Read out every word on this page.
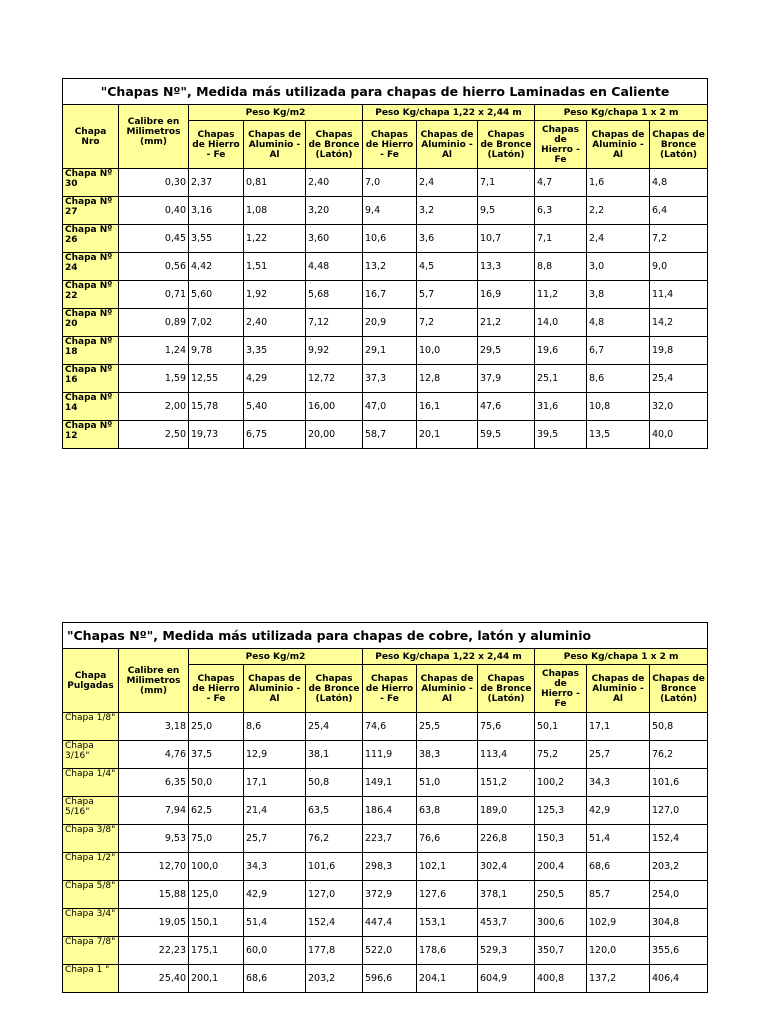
"Chapas Nº", Medida más utilizada para chapas de hierro Laminadas en Caliente										
Chapa Nro	Calibre en Milimetros (mm)	Peso Kg/m2			Peso Kg/chapa 1,22 x 2,44 m			Peso Kg/chapa 1 x 2 m		
		Chapas de Hierro - Fe	Chapas de Aluminio - Al	Chapas de Bronce (Latón)	Chapas de Hierro - Fe	Chapas de Aluminio - Al	Chapas de Bronce (Latón)	Chapas de Hierro - Fe	Chapas de Aluminio - Al	Chapas de Bronce (Latón)
Chapa Nº 30	0,30	2,37	0,81	2,40	7,0	2,4	7,1	4,7	1,6	4,8
Chapa Nº 27	0,40	3,16	1,08	3,20	9,4	3,2	9,5	6,3	2,2	6,4
Chapa Nº 26	0,45	3,55	1,22	3,60	10,6	3,6	10,7	7,1	2,4	7,2
Chapa Nº 24	0,56	4,42	1,51	4,48	13,2	4,5	13,3	8,8	3,0	9,0
Chapa Nº 22	0,71	5,60	1,92	5,68	16,7	5,7	16,9	11,2	3,8	11,4
Chapa Nº 20	0,89	7,02	2,40	7,12	20,9	7,2	21,2	14,0	4,8	14,2
Chapa Nº 18	1,24	9,78	3,35	9,92	29,1	10,0	29,5	19,6	6,7	19,8
Chapa Nº 16	1,59	12,55	4,29	12,72	37,3	12,8	37,9	25,1	8,6	25,4
Chapa Nº 14	2,00	15,78	5,40	16,00	47,0	16,1	47,6	31,6	10,8	32,0
Chapa Nº 12	2,50	19,73	6,75	20,00	58,7	20,1	59,5	39,5	13,5	40,0
"Chapas Nº", Medida más utilizada para chapas de cobre, latón y aluminio										
Chapa Pulgadas	Calibre en Milimetros (mm)	Peso Kg/m2			Peso Kg/chapa 1,22 x 2,44 m			Peso Kg/chapa 1 x 2 m		
		Chapas de Hierro - Fe	Chapas de Aluminio - Al	Chapas de Bronce (Latón)	Chapas de Hierro - Fe	Chapas de Aluminio - Al	Chapas de Bronce (Latón)	Chapas de Hierro - Fe	Chapas de Aluminio - Al	Chapas de Bronce (Latón)
Chapa 1/8"	3,18	25,0	8,6	25,4	74,6	25,5	75,6	50,1	17,1	50,8
Chapa 3/16"	4,76	37,5	12,9	38,1	111,9	38,3	113,4	75,2	25,7	76,2
Chapa 1/4"	6,35	50,0	17,1	50,8	149,1	51,0	151,2	100,2	34,3	101,6
Chapa 5/16"	7,94	62,5	21,4	63,5	186,4	63,8	189,0	125,3	42,9	127,0
Chapa 3/8"	9,53	75,0	25,7	76,2	223,7	76,6	226,8	150,3	51,4	152,4
Chapa 1/2"	12,70	100,0	34,3	101,6	298,3	102,1	302,4	200,4	68,6	203,2
Chapa 5/8"	15,88	125,0	42,9	127,0	372,9	127,6	378,1	250,5	85,7	254,0
Chapa 3/4"	19,05	150,1	51,4	152,4	447,4	153,1	453,7	300,6	102,9	304,8
Chapa 7/8"	22,23	175,1	60,0	177,8	522,0	178,6	529,3	350,7	120,0	355,6
Chapa 1 "	25,40	200,1	68,6	203,2	596,6	204,1	604,9	400,8	137,2	406,4
